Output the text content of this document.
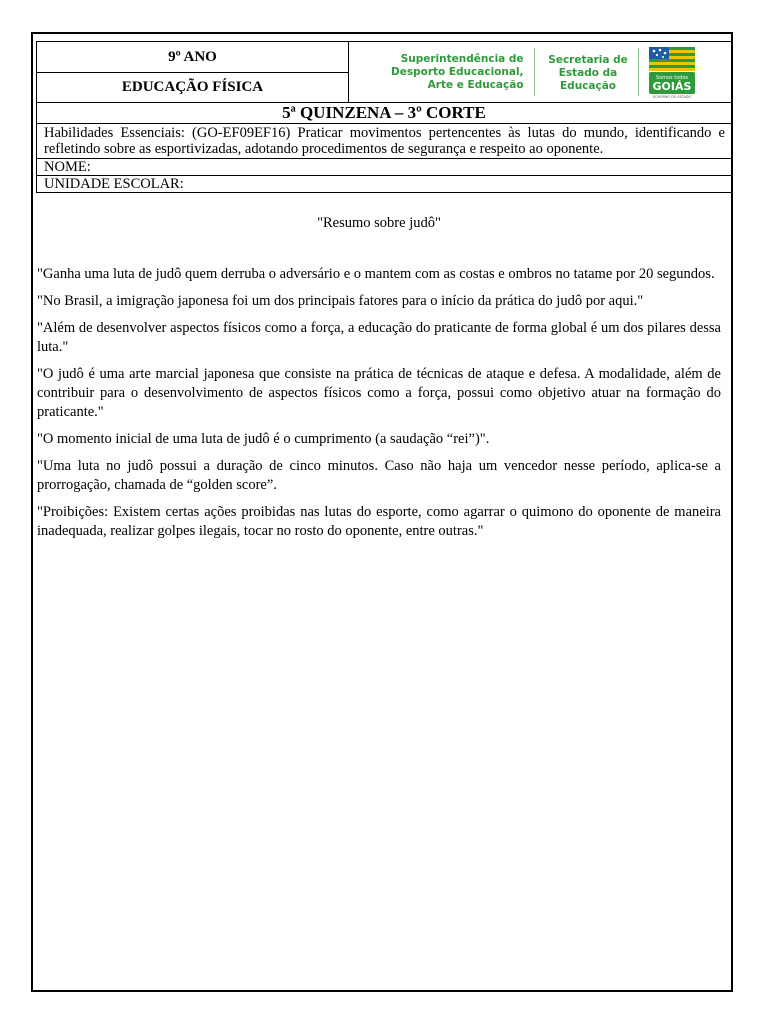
9º ANO	Superintendência de
Desporto Educacional,
Arte e Educação
Secretaria de
Estado da
Educação
Somos todos
GOIÁS
GOVERNO DO ESTADO

EDUCAÇÃO FÍSICA
5ª QUINZENA – 3º CORTE
Habilidades Essenciais: (GO-EF09EF16) Praticar movimentos pertencentes às lutas do mundo, identificando e refletindo sobre as esportivizadas, adotando procedimentos de segurança e respeito ao oponente.
NOME:
UNIDADE ESCOLAR:
"Resumo sobre judô"

"Ganha uma luta de judô quem derruba o adversário e o mantem com as costas e ombros no tatame por 20 segundos.

"No Brasil, a imigração japonesa foi um dos principais fatores para o início da prática do judô por aqui."

"Além de desenvolver aspectos físicos como a força, a educação do praticante de forma global é um dos pilares dessa luta."

"O judô é uma arte marcial japonesa que consiste na prática de técnicas de ataque e defesa. A modalidade, além de contribuir para o desenvolvimento de aspectos físicos como a força, possui como objetivo atuar na formação do praticante."

"O momento inicial de uma luta de judô é o cumprimento (a saudação “rei”)".

"Uma luta no judô possui a duração de cinco minutos. Caso não haja um vencedor nesse período, aplica-se a prorrogação, chamada de “golden score”.

"Proibições: Existem certas ações proibidas nas lutas do esporte, como agarrar o quimono do oponente de maneira inadequada, realizar golpes ilegais, tocar no rosto do oponente, entre outras."
